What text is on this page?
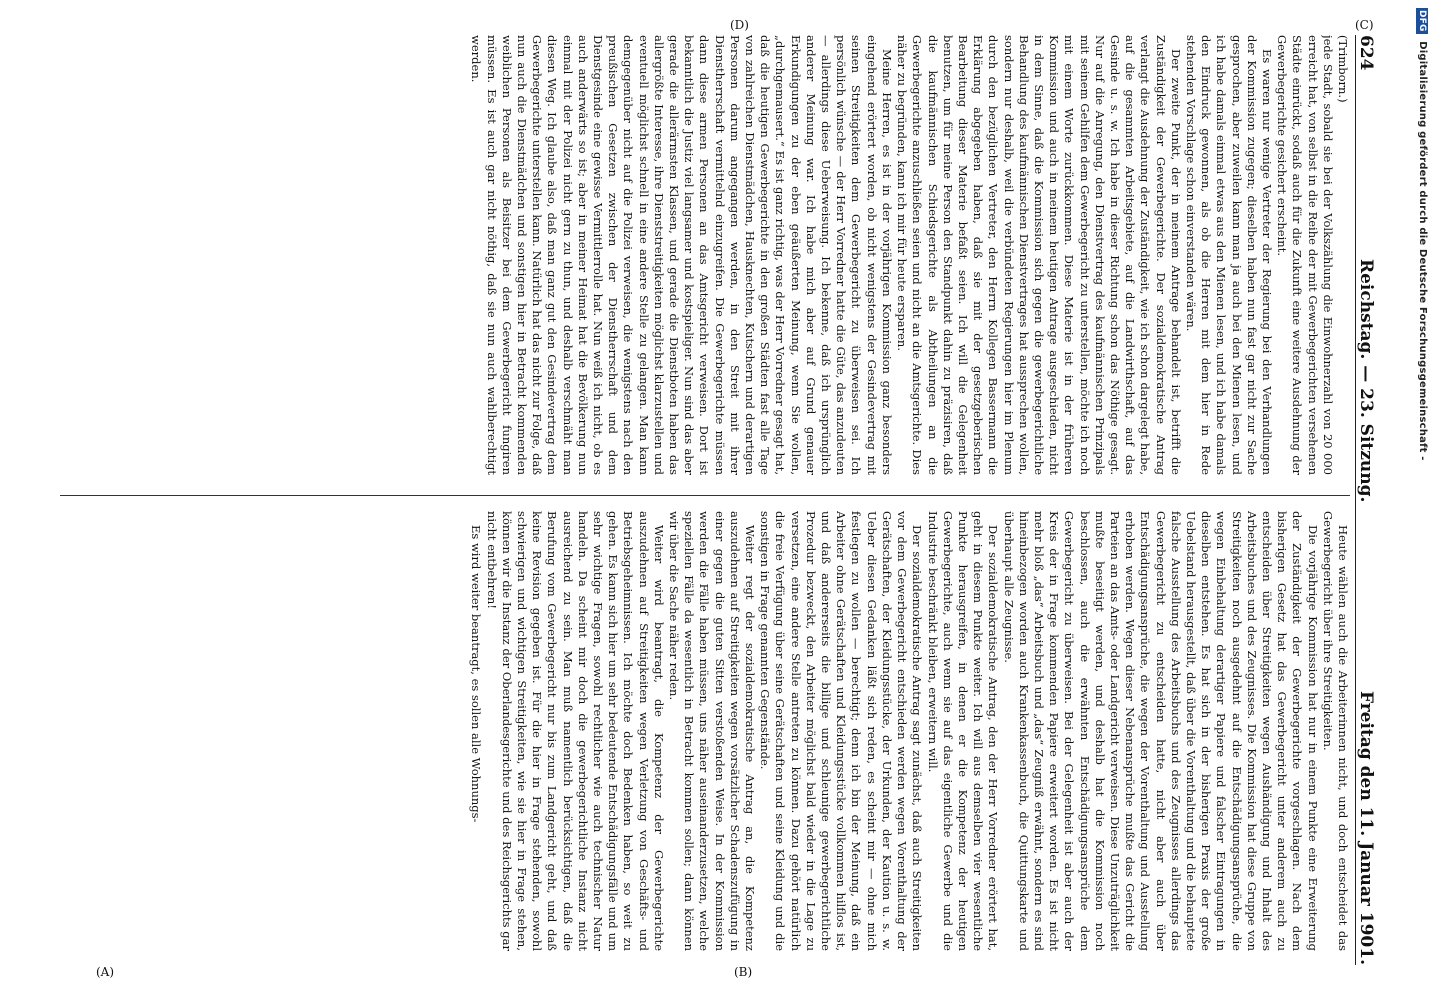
624
Reichstag. — 23. Sitzung.
Freitag den 11. Januar 1901.

(Trimborn.)

jede Stadt, sobald sie bei der Volkszählung die Einwohnerzahl von 20 000 erreicht hat, von selbst in die Reihe der mit Gewerbegerichten versehenen Städte einrückt, sodaß auch für die Zukunft eine weitere Ausdehnung der Gewerbegerichte gesichert erscheint.

Es waren nur wenige Vertreter der Regierung bei den Verhandlungen der Kommission zugegen; dieselben haben nun fast gar nicht zur Sache gesprochen, aber zuweilen kann man ja auch bei den Mienen lesen, und ich habe damals einmal etwas aus den Mienen lesen, und ich habe damals den Eindruck gewonnen, als ob die Herren mit dem hier in Rede stehenden Vorschlage schon einverstanden wären.

Der zweite Punkt, der in meinem Antrage behandelt ist, betrifft die Zuständigkeit der Gewerbegerichte. Der sozialdemokratische Antrag verlangt die Ausdehnung der Zuständigkeit, wie ich schon dargelegt habe, auf die gesammten Arbeitsgebiete, auf die Landwirthschaft, auf das Gesinde u. s. w. Ich habe in dieser Richtung schon das Nöthige gesagt. Nur auf die Anregung, den Dienstvertrag des kaufmännischen Prinzipals mit seinem Gehilfen dem Gewerbegericht zu unterstellen, möchte ich noch mit einem Worte zurückkommen. Diese Materie ist in der früheren Kommission und auch in meinem heutigen Antrage ausgeschieden, nicht in dem Sinne, daß die Kommission sich gegen die gewerbegerichtliche Behandlung des kaufmännischen Dienstvertrages hat aussprechen wollen, sondern nur deshalb, weil die verbündeten Regierungen hier im Plenum durch den bezüglichen Vertreter, den Herrn Kollegen Bassermann die Erklärung abgegeben haben, daß sie mit der gesetzgeberischen Bearbeitung dieser Materie befaßt seien. Ich will die Gelegenheit benutzen, um für meine Person den Standpunkt dahin zu präzisiren, daß die kaufmännischen Schiedsgerichte als Abtheilungen an die Gewerbegerichte anzuschließen seien und nicht an die Amtsgerichte. Dies näher zu begründen, kann ich mir für heute ersparen.

Meine Herren, es ist in der vorjährigen Kommission ganz besonders eingehend erörtert worden, ob nicht wenigstens der Gesindevertrag mit seinen Streitigkeiten dem Gewerbegericht zu überweisen sei. Ich persönlich wünsche — der Herr Vorredner hatte die Güte, das anzudeuten — allerdings diese Ueberweisung. Ich bekenne, daß ich ursprünglich anderer Meinung war. Ich habe mich aber auf Grund genauer Erkundigungen zu der eben geäußerten Meinung, wenn Sie wollen, „durchgemausert.“ Es ist ganz richtig, was der Herr Vorredner gesagt hat, daß die heutigen Gewerbegerichte in den großen Städten fast alle Tage von zahlreichen Dienstmädchen, Hausknechten, Kutschern und derartigen Personen darum angegangen werden, in den Streit mit ihrer Dienstherrschaft vermittelnd einzugreifen. Die Gewerbegerichte müssen dann diese armen Personen an das Amtsgericht verweisen. Dort ist bekanntlich die Justiz viel langsamer und kostspieliger. Nun sind das aber gerade die allerärmsten Klassen, und gerade die Dienstboten haben das allergrößte Interesse, ihre Dienststreitigkeiten möglichst klarzustellen und eventuell möglichst schnell in eine andere Stelle zu gelangen. Man kann demgegenüber nicht auf die Polizei verweisen, die wenigstens nach den preußischen Gesetzen zwischen der Dienstherrschaft und dem Dienstgesinde eine gewisse Vermittlerrolle hat. Nun weiß ich nicht, ob es auch anderwärts so ist; aber in meiner Heimat hat die Bevölkerung nun einmal mit der Polizei nicht gern zu thun, und deshalb verschmäht man diesen Weg. Ich glaube also, daß man ganz gut den Gesindevertrag dem Gewerbegerichte unterstellen kann. Natürlich hat das nicht zur Folge, daß nun auch die Dienstmädchen und sonstigen hier in Betracht kommenden weiblichen Personen als Beisitzer bei dem Gewerbegericht fungiren müssen. Es ist auch gar nicht nöthig, daß sie nun auch wahlberechtigt werden.

Heute wählen auch die Arbeiterinnen nicht, und doch entscheidet das Gewerbegericht über ihre Streitigkeiten.

Die vorjährige Kommission hat nur in einem Punkte eine Erweiterung der Zuständigkeit der Gewerbegerichte vorgeschlagen. Nach dem bisherigen Gesetz hat das Gewerbegericht unter anderem auch zu entscheiden über Streitigkeiten wegen Aushändigung und Inhalt des Arbeitsbuches und des Zeugnisses. Die Kommission hat diese Gruppe von Streitigkeiten noch ausgedehnt auf die Entschädigungsansprüche, die wegen Einbehaltung derartiger Papiere und falscher Eintragungen in dieselben entstehen. Es hat sich in der bisherigen Praxis der große Uebelstand herausgestellt, daß über die Vorenthaltung und die behauptete falsche Ausstellung des Arbeitsbuchs und des Zeugnisses allerdings das Gewerbegericht zu entscheiden hatte, nicht aber auch über Entschädigungsansprüche, die wegen der Vorenthaltung und Ausstellung erhoben werden. Wegen dieser Nebenansprüche mußte das Gericht die Parteien an das Amts- oder Landgericht verweisen. Diese Unzuträglichkeit mußte beseitigt werden, und deshalb hat die Kommission noch beschlossen, auch die erwähnten Entschädigungsansprüche dem Gewerbegericht zu überweisen. Bei der Gelegenheit ist aber auch der Kreis der in Frage kommenden Papiere erweitert worden. Es ist nicht mehr bloß „das“ Arbeitsbuch und „das“ Zeugniß erwähnt, sondern es sind hineinbezogen worden auch Krankenkassenbuch, die Quittungskarte und überhaupt alle Zeugnisse.

Der sozialdemokratische Antrag, den der Herr Vorredner erörtert hat, geht in diesem Punkte weiter. Ich will aus demselben vier wesentliche Punkte herausgreifen, in denen er die Kompetenz der heutigen Gewerbegerichte, auch wenn sie auf das eigentliche Gewerbe und die Industrie beschränkt bleiben, erweitern will.

Der sozialdemokratische Antrag sagt zunächst, daß auch Streitigkeiten vor dem Gewerbegericht entschieden werden wegen Vorenthaltung der Gerätschaften, der Kleidungsstücke, der Urkunden, der Kaution u. s. w. Ueber diesen Gedanken läßt sich reden, es scheint mir — ohne mich festlegen zu wollen — berechtigt; denn ich bin der Meinung, daß ein Arbeiter ohne Gerätschaften und Kleidungsstücke vollkommen hilflos ist, und daß andererseits die billige und schleunige gewerbegerichtliche Prozedur bezweckt, den Arbeiter möglichst bald wieder in die Lage zu versetzen, eine andere Stelle antreten zu können. Dazu gehört natürlich die freie Verfügung über seine Gerätschaften und seine Kleidung und die sonstigen in Frage genannten Gegenstände.

Weiter regt der sozialdemokratische Antrag an, die Kompetenz auszudehnen auf Streitigkeiten wegen vorsätzlicher Schadenszufügung in einer gegen die guten Sitten verstoßenden Weise. In der Kommission werden die Fälle haben müssen, uns näher auseinanderzusetzen, welche speziellen Fälle da wesentlich in Betracht kommen sollen; dann können wir über die Sache näher reden.

Weiter wird beantragt, die Kompetenz der Gewerbegerichte auszudehnen auf Streitigkeiten wegen Verletzung von Geschäfts- und Betriebsgeheimnissen. Ich möchte doch Bedenken haben, so weit zu gehen. Es kann sich hier um sehr bedeutende Entschädigungsfälle und um sehr wichtige Fragen, sowohl rechtlicher wie auch technischer Natur handeln. Da scheint mir doch die gewerbegerichtliche Instanz nicht ausreichend zu sein. Man muß namentlich berücksichtigen, daß die Berufung vom Gewerbegericht nur bis zum Landgericht geht, und daß keine Revision gegeben ist. Für die hier in Frage stehenden, sowohl schwierigen und wichtigen Streitigkeiten, wie sie hier in Frage stehen, können wir die Instanz der Oberlandesgerichte und des Reichsgerichts gar nicht entbehren!

Es wird weiter beantragt, es sollen alle Wohnungs-

(A)	(B)
(C)
(D)	DFG Digitalisierung gefördert durch die Deutsche Forschungsgemeinschaft -
